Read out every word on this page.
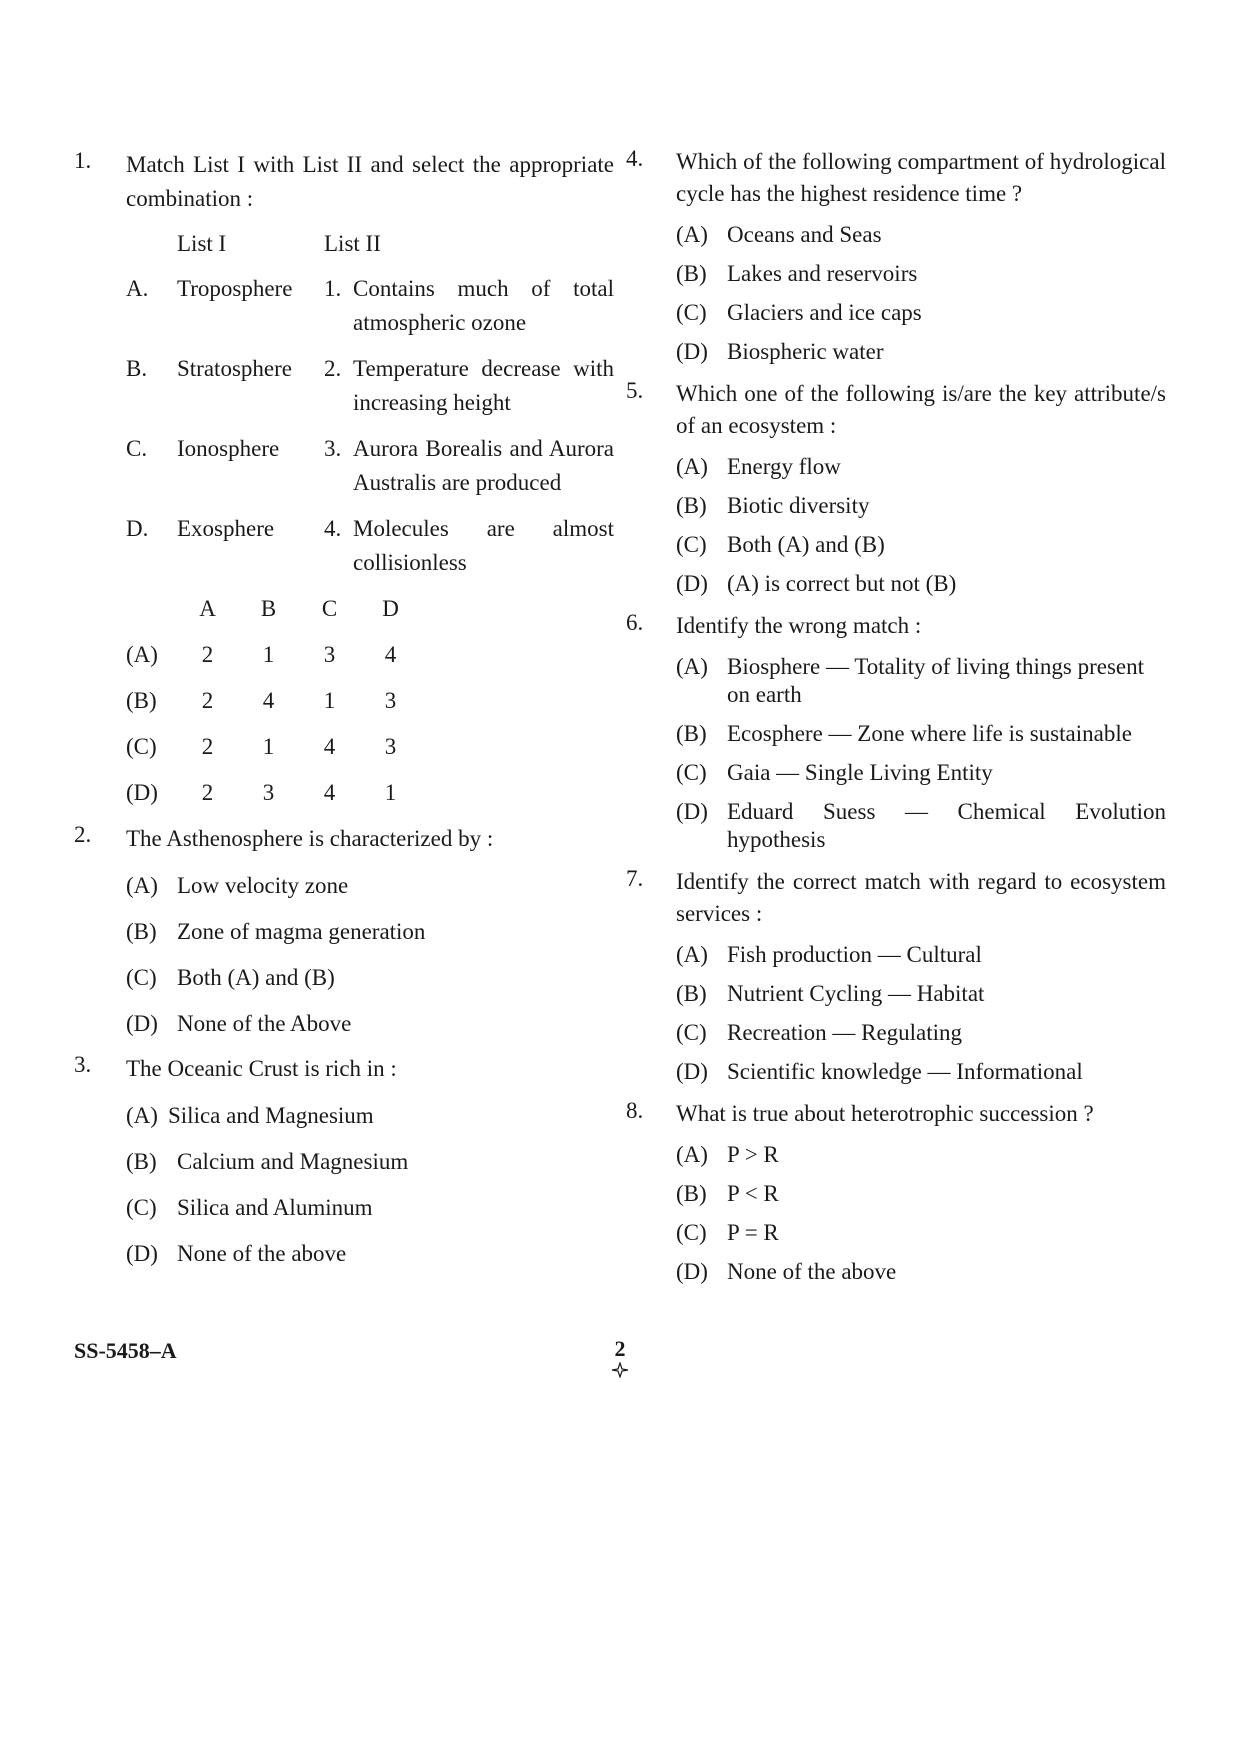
1.	Match List I with List II and select the appropriate combination :
List I	List II
A.	Troposphere	1. Contains much of total atmospheric ozone
B.	Stratosphere	2. Temperature decrease with increasing height
C.	Ionosphere	3. Aurora Borealis and Aurora Australis are produced
D.	Exosphere	4. Molecules are almost collisionless
A	B	C	D
(A)	2	1	3	4
(B)	2	4	1	3
(C)	2	1	4	3
(D)	2	3	4	1
2.	The Asthenosphere is characterized by :
(A) Low velocity zone
(B) Zone of magma generation
(C) Both (A) and (B)
(D) None of the Above
3.	The Oceanic Crust is rich in :
(A) Silica and Magnesium
(B) Calcium and Magnesium
(C) Silica and Aluminum
(D) None of the above
4.	Which of the following compartment of hydrological cycle has the highest residence time ?
(A) Oceans and Seas
(B) Lakes and reservoirs
(C) Glaciers and ice caps
(D) Biospheric water
5.	Which one of the following is/are the key attribute/s of an ecosystem :
(A) Energy flow
(B) Biotic diversity
(C) Both (A) and (B)
(D) (A) is correct but not (B)
6.	Identify the wrong match :
(A) Biosphere — Totality of living things present on earth
(B) Ecosphere — Zone where life is sustainable
(C) Gaia — Single Living Entity
(D) Eduard Suess — Chemical Evolution hypothesis
7.	Identify the correct match with regard to ecosystem services :
(A) Fish production — Cultural
(B) Nutrient Cycling — Habitat
(C) Recreation — Regulating
(D) Scientific knowledge — Informational
8.	What is true about heterotrophic succession ?
(A) P > R
(B) P < R
(C) P = R
(D) None of the above
SS-5458–A	2
